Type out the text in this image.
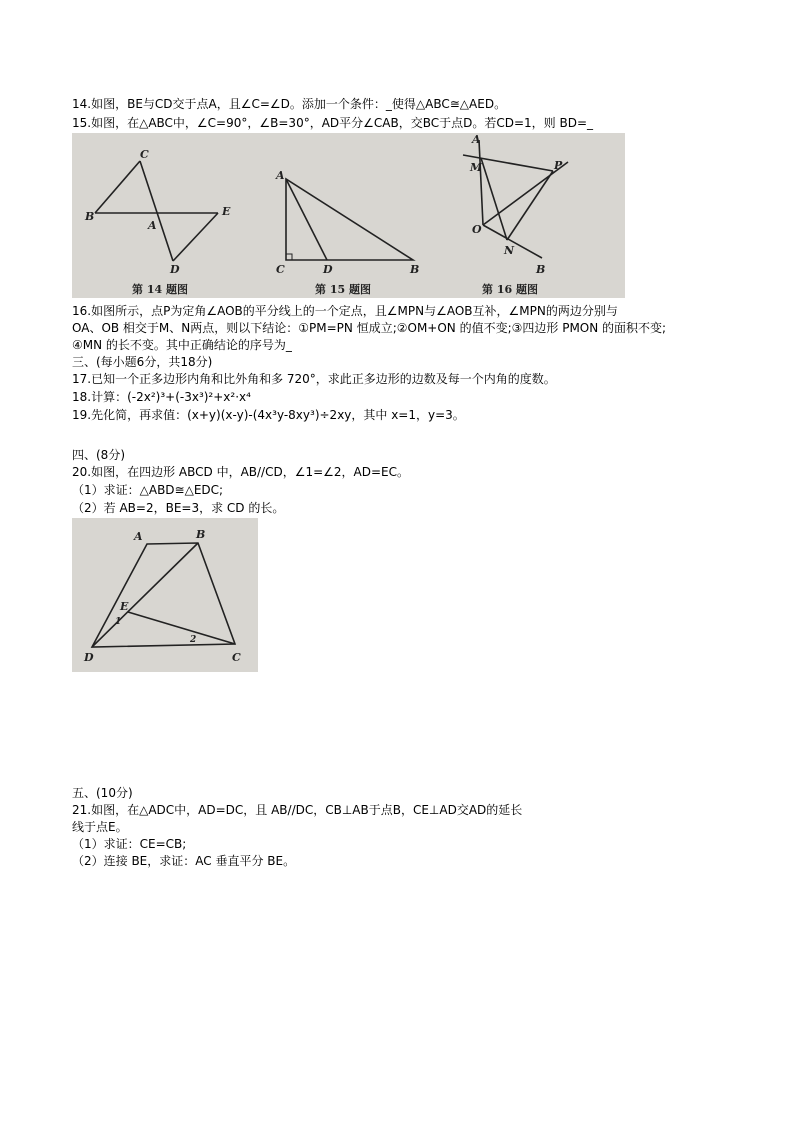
14.如图，BE与CD交于点A，且∠C=∠D。添加一个条件：_使得△ABC≅△AED。
15.如图，在△ABC中，∠C=90°，∠B=30°，AD平分∠CAB，交BC于点D。若CD=1，则 BD=_
C
B
A
E
D
第 14 题图
A
C	D	B
第 15 题图
A
M	P
O
N
B
第 16 题图
16.如图所示，点P为定角∠AOB的平分线上的一个定点，且∠MPN与∠AOB互补，∠MPN的两边分别与
OA、OB 相交于M、N两点，则以下结论：①PM=PN 恒成立;②OM+ON 的值不变;③四边形 PMON 的面积不变;
④MN 的长不变。其中正确结论的序号为_
三、(每小题6分，共18分)
17.已知一个正多边形内角和比外角和多 720°，求此正多边形的边数及每一个内角的度数。
18.计算：(-2x²)³+(-3x³)²+x²·x⁴
19.先化简，再求值：(x+y)(x-y)-(4x³y-8xy³)÷2xy，其中 x=1，y=3。
四、(8分)
20.如图，在四边形 ABCD 中，AB//CD，∠1=∠2，AD=EC。
（1）求证：△ABD≅△EDC;
（2）若 AB=2，BE=3，求 CD 的长。
A	B
E
1
2
D	C
五、(10分)
21.如图，在△ADC中，AD=DC，且 AB//DC，CB⊥AB于点B，CE⊥AD交AD的延长
线于点E。
（1）求证：CE=CB;
（2）连接 BE，求证：AC 垂直平分 BE。
